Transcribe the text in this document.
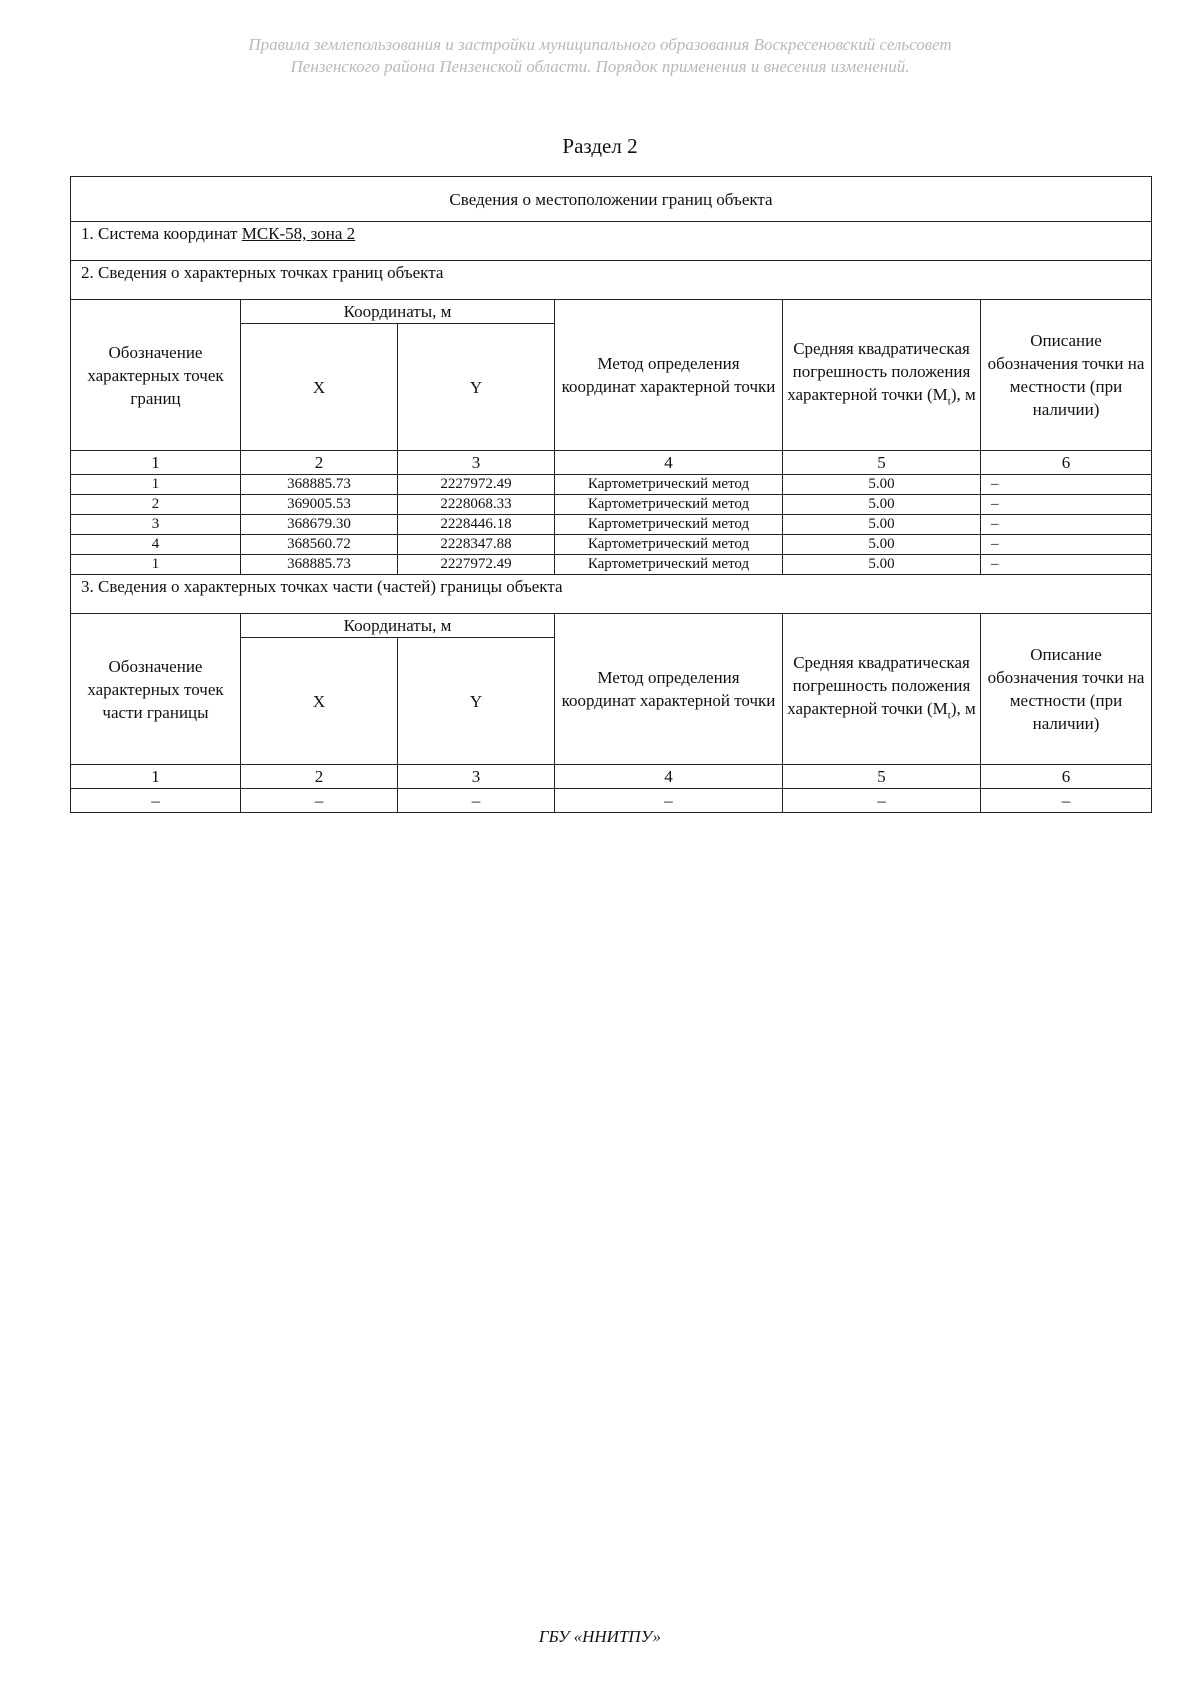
Правила землепользования и застройки муниципального образования Воскресеновский сельсовет
Пензенского района Пензенской области. Порядок применения и внесения изменений.
Раздел 2
Сведения о местоположении границ объекта					
1. Система координат МСК-58, зона 2					
2. Сведения о характерных точках границ объекта					
Обозначение характерных точек границ	Координаты, м		Метод определения координат характерной точки	Средняя квадратическая погрешность положения характерной точки $(M_t)$, м	Описание обозначения точки на местности (при наличии)
	X	Y			
1	2	3	4	5	6
1	368885.73	2227972.49	Картометрический метод	5.00	–
2	369005.53	2228068.33	Картометрический метод	5.00	–
3	368679.30	2228446.18	Картометрический метод	5.00	–
4	368560.72	2228347.88	Картометрический метод	5.00	–
1	368885.73	2227972.49	Картометрический метод	5.00	–
3. Сведения о характерных точках части (частей) границы объекта					
Обозначение характерных точек части границы	Координаты, м		Метод определения координат характерной точки	Средняя квадратическая погрешность положения характерной точки $(M_t)$, м	Описание обозначения точки на местности (при наличии)
	X	Y			
1	2	3	4	5	6
–	–	–	–	–	–
ГБУ «ННИТПУ»
